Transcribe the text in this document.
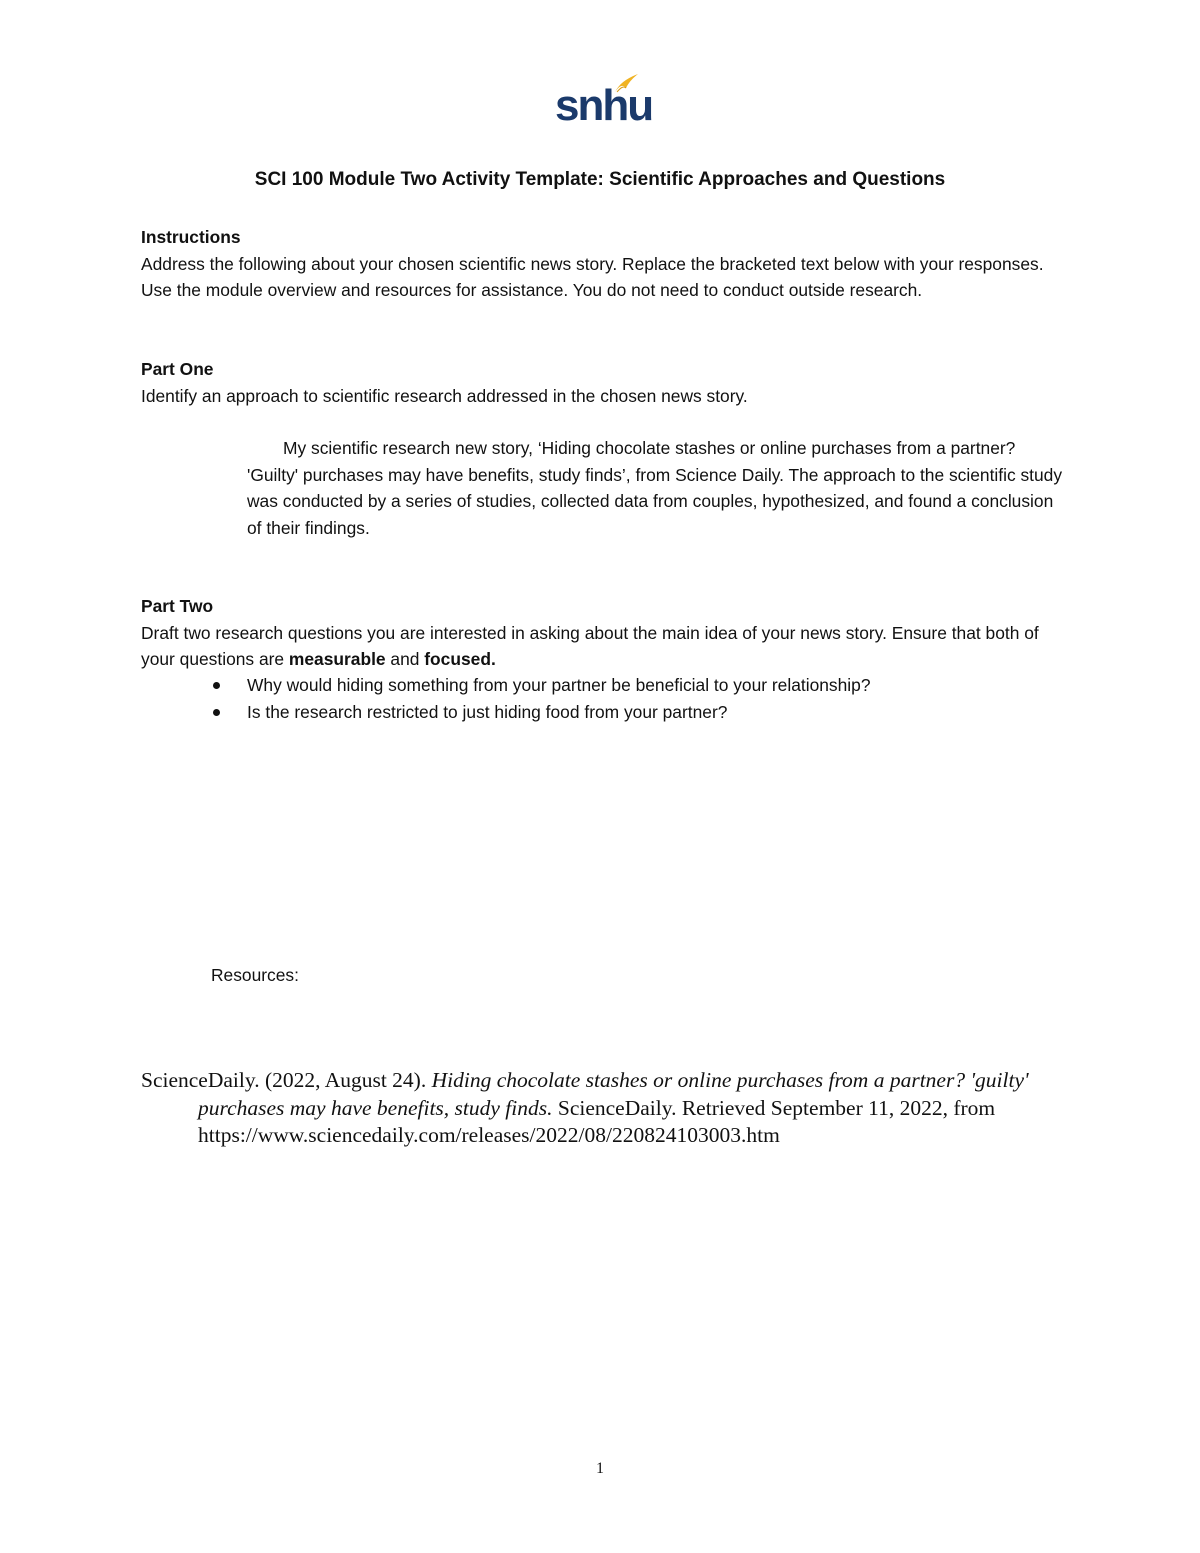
snhu
SCI 100 Module Two Activity Template: Scientific Approaches and Questions
Instructions
Address the following about your chosen scientific news story. Replace the bracketed text below with your responses. Use the module overview and resources for assistance. You do not need to conduct outside research.
Part One
Identify an approach to scientific research addressed in the chosen news story.
My scientific research new story, ‘Hiding chocolate stashes or online purchases from a partner? 'Guilty' purchases may have benefits, study finds’, from Science Daily. The approach to the scientific study was conducted by a series of studies, collected data from couples, hypothesized, and found a conclusion of their findings.
Part Two
Draft two research questions you are interested in asking about the main idea of your news story. Ensure that both of your questions are measurable and focused.
Why would hiding something from your partner be beneficial to your relationship?
Is the research restricted to just hiding food from your partner?
Resources:
ScienceDaily. (2022, August 24). Hiding chocolate stashes or online purchases from a partner? 'guilty' purchases may have benefits, study finds. ScienceDaily. Retrieved September 11, 2022, from https://www.sciencedaily.com/releases/2022/08/220824103003.htm
1
